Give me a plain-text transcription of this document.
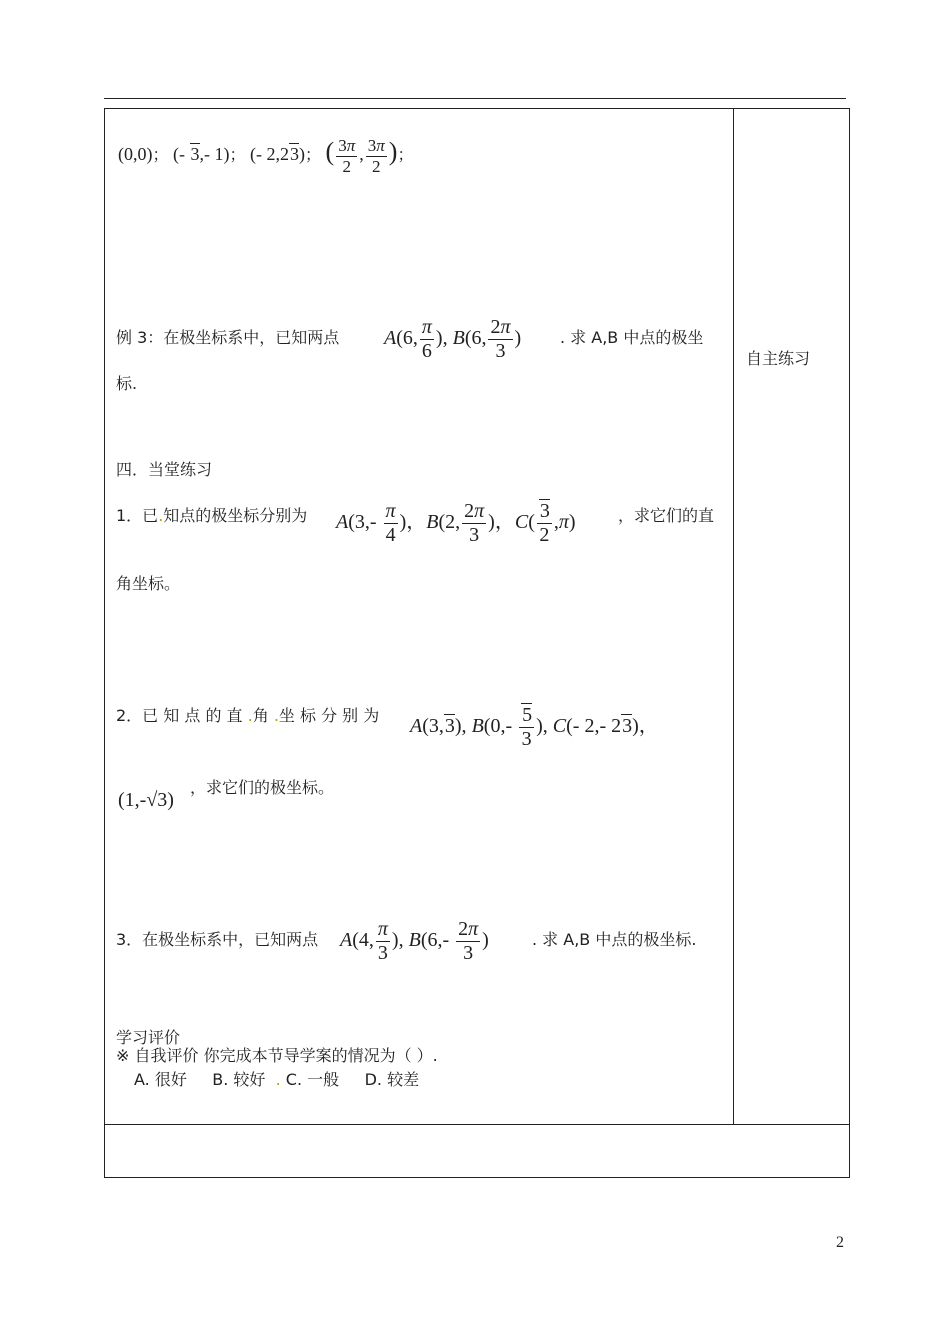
(0,0)； (- 3,- 1)； (- 2,23)； ( $\frac{3\pi}{2}$ , $\frac{3\pi}{2}$ )；
例 3：在极坐标系中，已知两点 A(6, $\frac{\pi}{6}$ ), B(6, $\frac{2\pi}{3}$ ) . 求 A,B 中点的极坐
标.
四．当堂练习
1．已.知点的极坐标分别为 $A(3,- \frac{\pi}{4}$ )，B(2, $\frac{2\pi}{3}$ )，$C( \frac{3}{2} ,\pi)$	，求它们的直
角坐标。
2．已 知 点 的 直 .角 .坐 标 分 别 为 A(3,3), $B(0,- \frac{5}{3}$ ), C(- 2,- 23)，
(1,-√3)
，求它们的极坐标。
3．在极坐标系中，已知两点 A(4, $\frac{\pi}{3}$ ), $B(6,- \frac{2\pi}{3}$ )	. 求 A,B 中点的极坐标.
学习评价
※ 自我评价 你完成本节导学案的情况为（ ）.
A. 很好 B. 较好 . C. 一般 D. 较差
自主练习
2
